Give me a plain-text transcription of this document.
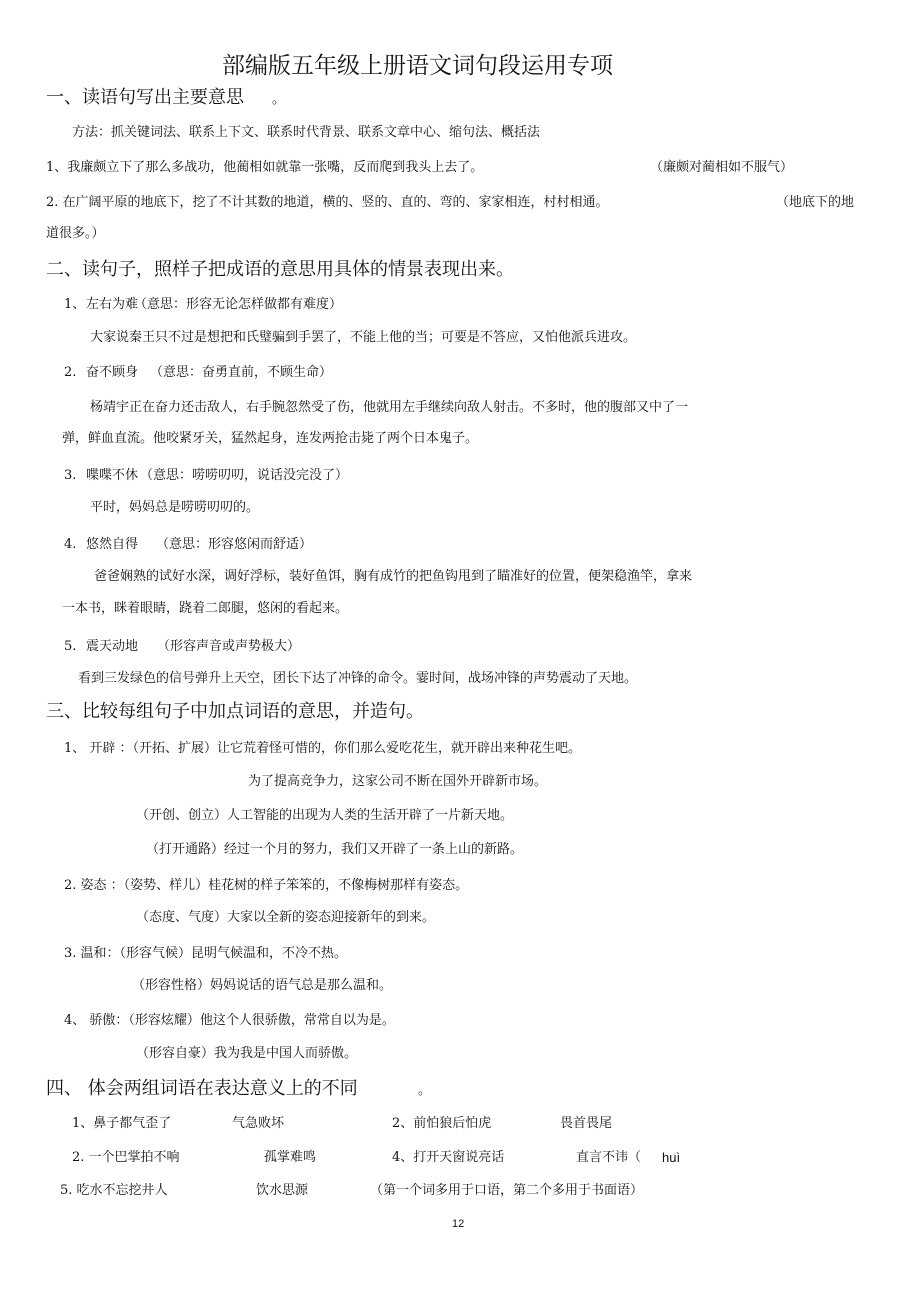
部编版五年级上册语文词句段运用专项
一、读语句写出主要意思 。
方法：抓关键词法、联系上下文、联系时代背景、联系文章中心、缩句法、概括法
1、我廉颇立下了那么多战功，他蔺相如就靠一张嘴，反而爬到我头上去了。	（廉颇对蔺相如不服气）
2. 在广阔平原的地底下，挖了不计其数的地道，横的、竖的、直的、弯的、家家相连，村村相通。	（地底下的地
道很多。）
二、读句子，照样子把成语的意思用具体的情景表现出来。
1、 左右为难
（意思：形容无论怎样做都有难度）
大家说秦王只不过是想把和氏璧骗到手罢了，不能上他的当；可要是不答应，又怕他派兵进攻。
2. 奋不顾身 （意思：奋勇直前，不顾生命）
杨靖宇正在奋力还击敌人，右手腕忽然受了伤，他就用左手继续向敌人射击。不多时，他的腹部又中了一
弹，鲜血直流。他咬紧牙关，猛然起身，连发两抢击毙了两个日本鬼子。
3. 喋喋不休 （意思：唠唠叨叨，说话没完没了）
平时，妈妈总是唠唠叨叨的。
4. 悠然自得 （意思：形容悠闲而舒适）
爸爸娴熟的试好水深，调好浮标，装好鱼饵，胸有成竹的把鱼钩甩到了瞄准好的位置，便架稳渔竿，拿来
一本书，眯着眼睛，跷着二郎腿，悠闲的看起来。
5. 震天动地 （形容声音或声势极大）
看到三发绿色的信号弹升上天空，团长下达了冲锋的命令。霎时间，战场冲锋的声势震动了天地。
三、比较每组句子中加点词语的意思，并造句。
1、 开辟 ：（开拓、扩展）让它荒着怪可惜的，你们那么爱吃花生，就开辟出来种花生吧。
为了提高竞争力，这家公司不断在国外开辟新市场。
（开创、创立）人工智能的出现为人类的生活开辟了一片新天地。
（打开通路）经过一个月的努力，我们又开辟了一条上山的新路。
2. 姿态 ：（姿势、样儿）桂花树的样子笨笨的，不像梅树那样有姿态。
（态度、气度）大家以全新的姿态迎接新年的到来。
3. 温和：（形容气候）昆明气候温和，不冷不热。
（形容性格）妈妈说话的语气总是那么温和。
4、 骄傲：（形容炫耀）他这个人很骄傲，常常自以为是。
（形容自豪）我为我是中国人而骄傲。
四、 体会两组词语在表达意义上的不同	。
1、鼻子都气歪了	气急败坏	2、前怕狼后怕虎	畏首畏尾
2. 一个巴掌拍不响	孤掌难鸣	4、打开天窗说亮话	直言不讳（ huì
5. 吃水不忘挖井人	饮水思源	（第一个词多用于口语，第二个多用于书面语）
12
